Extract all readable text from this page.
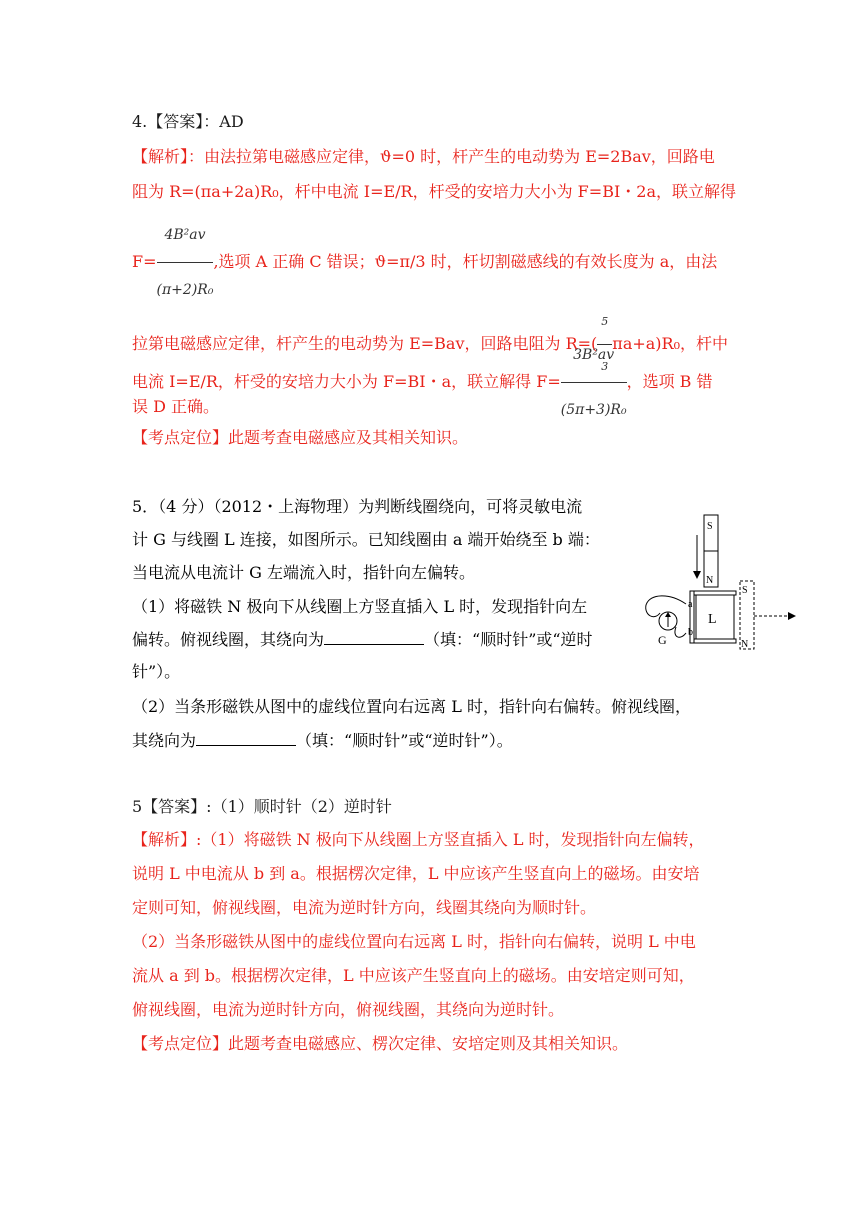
4.【答案】：AD
【解析】：由法拉第电磁感应定律，ϑ=0 时，杆产生的电动势为 E=2Bav，回路电
阻为 R=(πa+2a)R₀，杆中电流 I=E/R，杆受的安培力大小为 F=BI・2a，联立解得
$F= \frac{\text{4B²av}}{\text{(π+2)R₀}}$ ,选项 A 正确 C 错误；ϑ=π/3 时，杆切割磁感线的有效长度为 a，由法
拉第电磁感应定律，杆产生的电动势为 E=Bav，回路电阻为 $R=( \frac{5}{3} \pi a+a)R_0$，杆中
电流 I=E/R，杆受的安培力大小为 F=BI・a，联立解得 $F= \frac{\text{3B²av}}{\text{(5π+3)R₀}}$ ，选项 B 错
误 D 正确。
【考点定位】此题考查电磁感应及其相关知识。
5．（4 分）（2012・上海物理）为判断线圈绕向，可将灵敏电流
计 G 与线圈 L 连接，如图所示。已知线圈由 a 端开始绕至 b 端：
当电流从电流计 G 左端流入时，指针向左偏转。
（1）将磁铁 N 极向下从线圈上方竖直插入 L 时，发现指针向左
偏转。俯视线圈，其绕向为	（填：“顺时针”或“逆时
针”）。
（2）当条形磁铁从图中的虚线位置向右远离 L 时，指针向右偏转。俯视线圈，
其绕向为	（填：“顺时针”或“逆时针”）。
S
N
L
a
b
G
S
N
5【答案】:（1）顺时针（2）逆时针
【解析】:（1）将磁铁 N 极向下从线圈上方竖直插入 L 时，发现指针向左偏转，
说明 L 中电流从 b 到 a。根据楞次定律，L 中应该产生竖直向上的磁场。由安培
定则可知，俯视线圈，电流为逆时针方向，线圈其绕向为顺时针。
（2）当条形磁铁从图中的虚线位置向右远离 L 时，指针向右偏转，说明 L 中电
流从 a 到 b。根据楞次定律，L 中应该产生竖直向上的磁场。由安培定则可知，
俯视线圈，电流为逆时针方向，俯视线圈，其绕向为逆时针。
【考点定位】此题考查电磁感应、楞次定律、安培定则及其相关知识。
